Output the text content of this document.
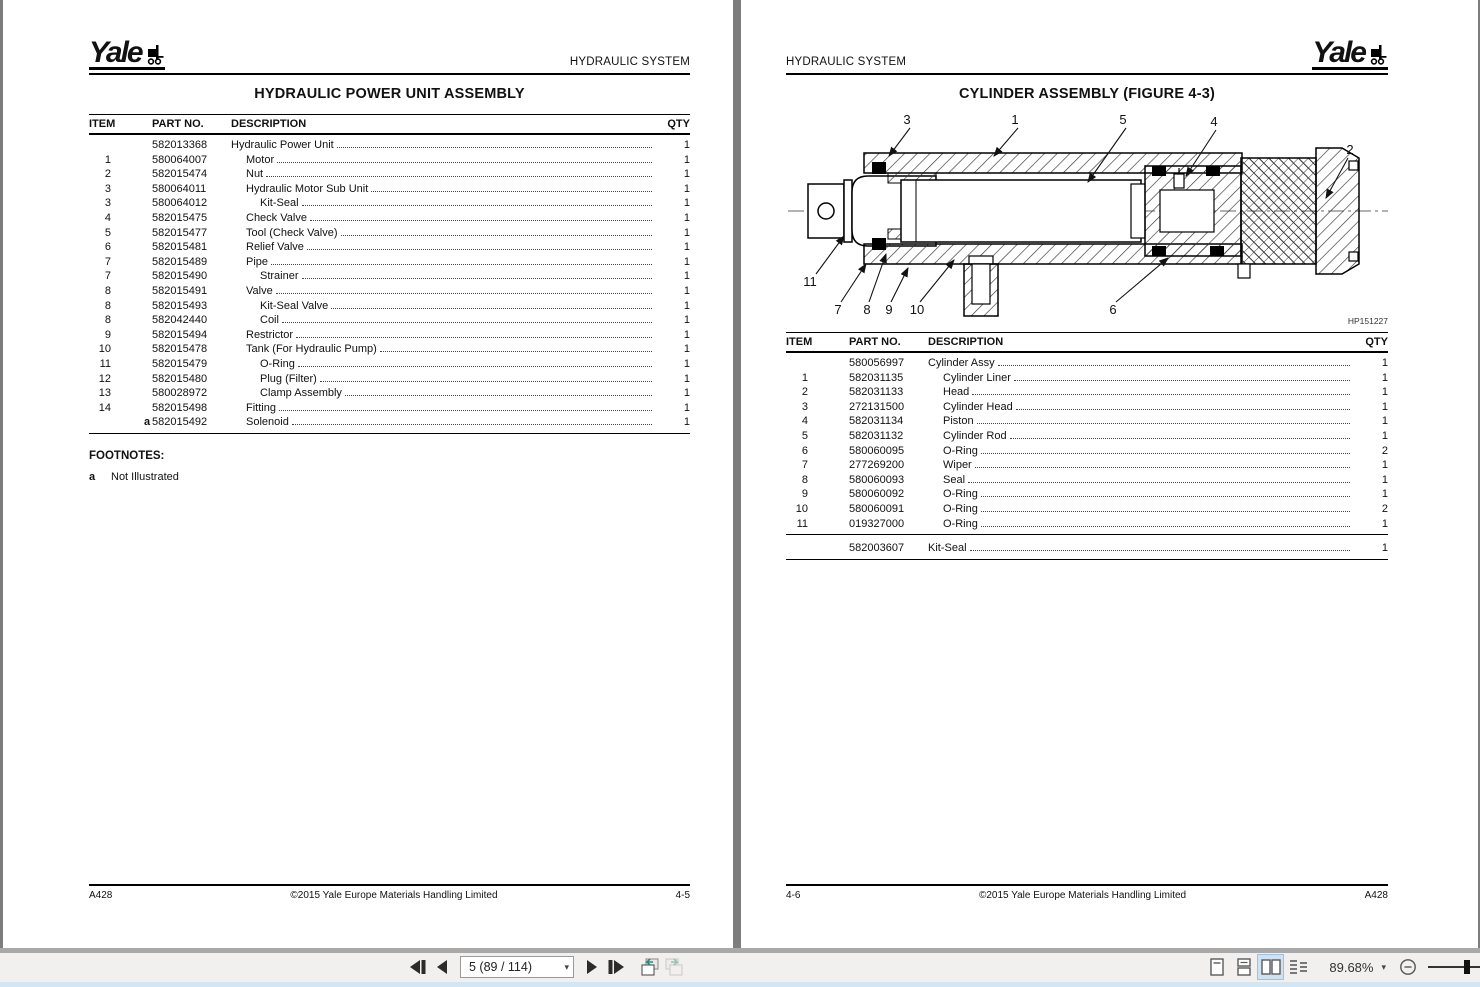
Yale	HYDRAULIC SYSTEM
HYDRAULIC POWER UNIT ASSEMBLY
ITEM	PART NO.	DESCRIPTION	QTY
582013368	Hydraulic Power Unit	1
1	580064007	Motor	1
2	582015474	Nut	1
3	580064011	Hydraulic Motor Sub Unit	1
3	580064012	Kit-Seal	1
4	582015475	Check Valve	1
5	582015477	Tool (Check Valve)	1
6	582015481	Relief Valve	1
7	582015489	Pipe	1
7	582015490	Strainer	1
8	582015491	Valve	1
8	582015493	Kit-Seal Valve	1
8	582042440	Coil	1
9	582015494	Restrictor	1
10	582015478	Tank (For Hydraulic Pump)	1
11	582015479	O-Ring	1
12	582015480	Plug (Filter)	1
13	580028972	Clamp Assembly	1
14	582015498	Fitting	1
a 582015492	Solenoid	1
FOOTNOTES:
a	Not Illustrated
A428	©2015 Yale Europe Materials Handling Limited	4-5
HYDRAULIC SYSTEM	Yale
CYLINDER ASSEMBLY (FIGURE 4-3)
3	1	5	4
2
11
7 8 9 10	6
HP151227
ITEM	PART NO.	DESCRIPTION	QTY
580056997	Cylinder Assy	1
1	582031135	Cylinder Liner	1
2	582031133	Head	1
3	272131500	Cylinder Head	1
4	582031134	Piston	1
5	582031132	Cylinder Rod	1
6	580060095	O-Ring	2
7	277269200	Wiper	1
8	580060093	Seal	1
9	580060092	O-Ring	1
10	580060091	O-Ring	2
11	019327000	O-Ring	1
582003607	Kit-Seal	1
4-6	©2015 Yale Europe Materials Handling Limited	A428
5 (89 / 114)	▾	89.68% ▾
